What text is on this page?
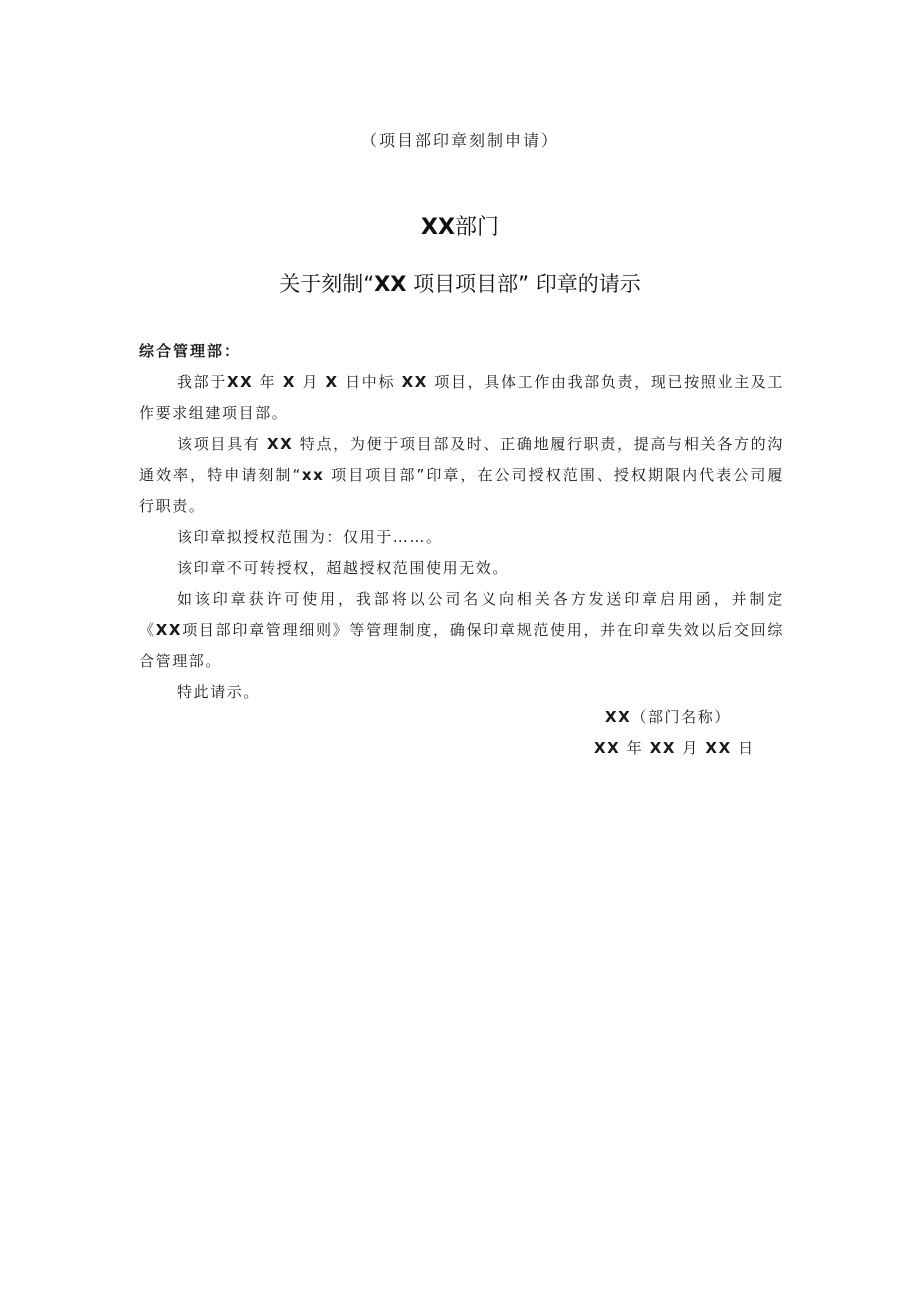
（项目部印章刻制申请）
XX部门
关于刻制“XX 项目项目部” 印章的请示
综合管理部：

我部于XX 年 X 月 X 日中标 XX 项目，具体工作由我部负责，现已按照业主及工作要求组建项目部。

该项目具有 XX 特点，为便于项目部及时、正确地履行职责，提高与相关各方的沟通效率，特申请刻制“xx 项目项目部”印章，在公司授权范围、授权期限内代表公司履行职责。

该印章拟授权范围为：仅用于……。

该印章不可转授权，超越授权范围使用无效。

如该印章获许可使用，我部将以公司名义向相关各方发送印章启用函，并制定《XX项目部印章管理细则》等管理制度，确保印章规范使用，并在印章失效以后交回综合管理部。

特此请示。

XX（部门名称）
XX 年 XX 月 XX 日
